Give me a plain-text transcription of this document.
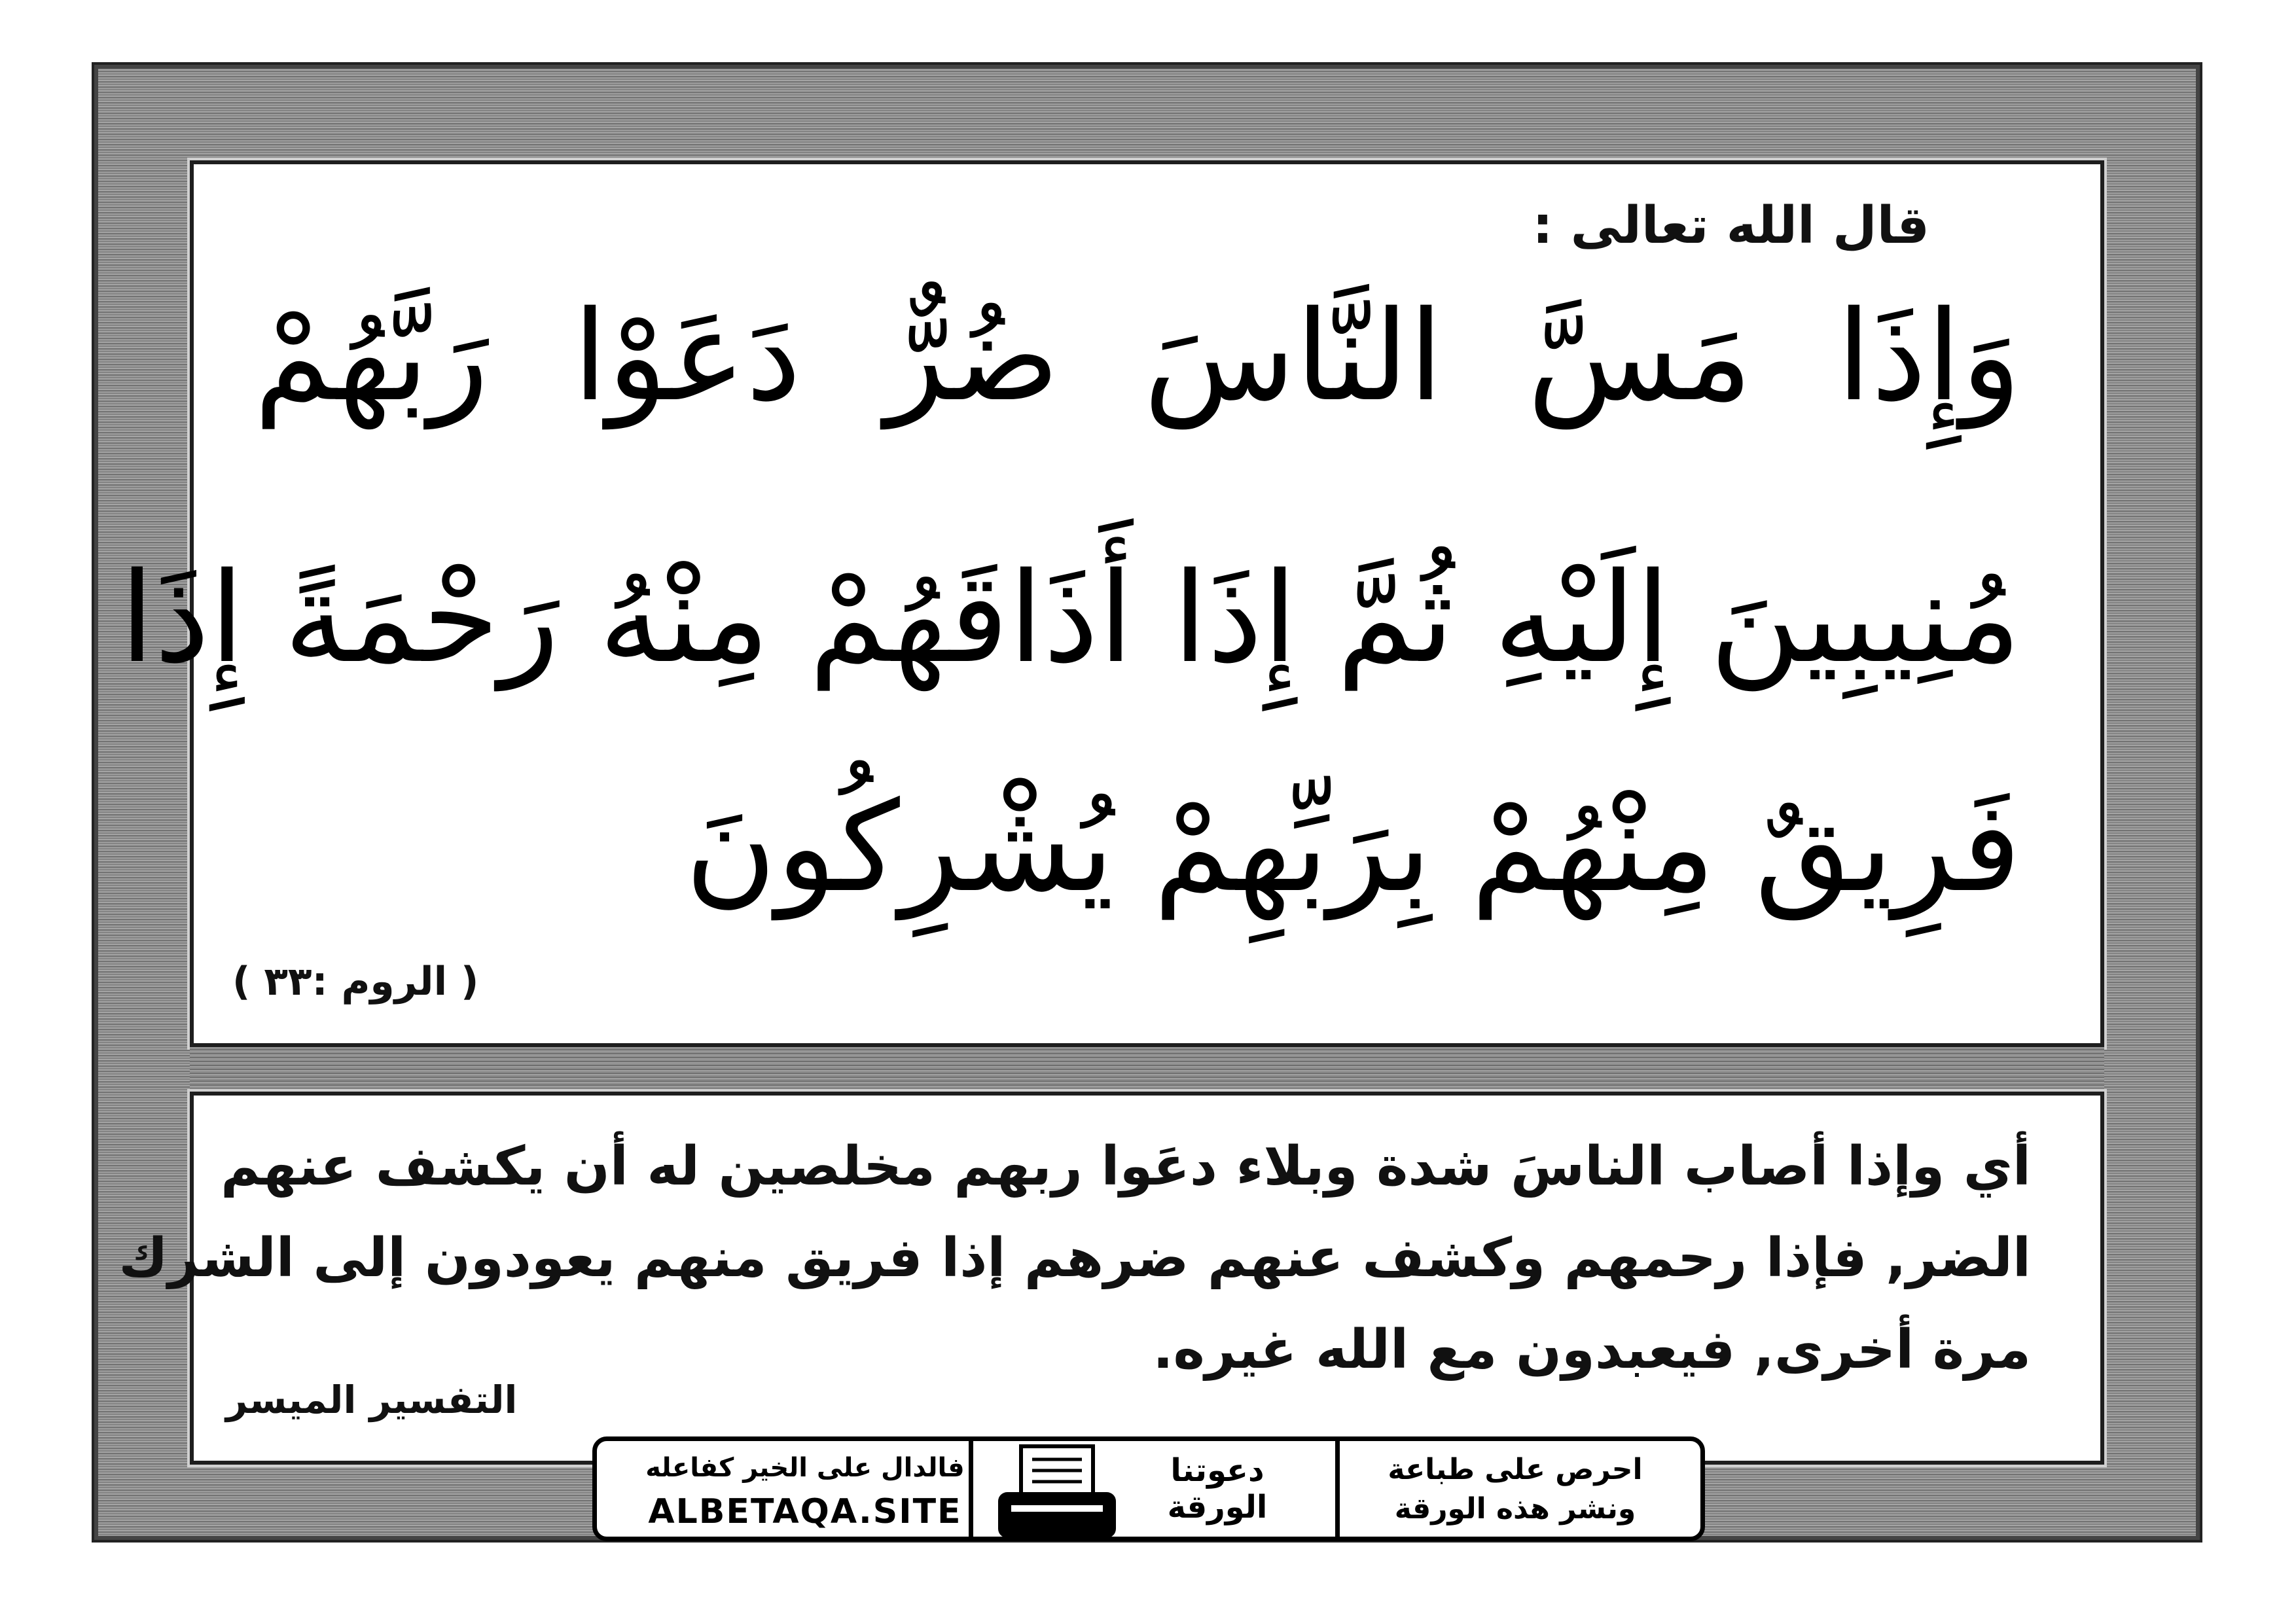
قال الله تعالى :
وَإِذَا مَسَّ النَّاسَ ضُرٌّ دَعَوْا رَبَّهُمْ
مُنِيبِينَ إِلَيْهِ ثُمَّ إِذَا أَذَاقَهُمْ مِنْهُ رَحْمَةً إِذَا
فَرِيقٌ مِنْهُمْ بِرَبِّهِمْ يُشْرِكُونَ
( الروم :٣٣ )
أي وإذا أصاب الناسَ شدة وبلاء دعَوا ربهم مخلصين له أن يكشف عنهم
الضر, فإذا رحمهم وكشف عنهم ضرهم إذا فريق منهم يعودون إلى الشرك
مرة أخرى, فيعبدون مع الله غيره.
التفسير الميسر
احرص على طباعة
ونشر هذه الورقة
دعوتنا
الورقة
فالدال على الخير كفاعله
ALBETAQA.SITE
